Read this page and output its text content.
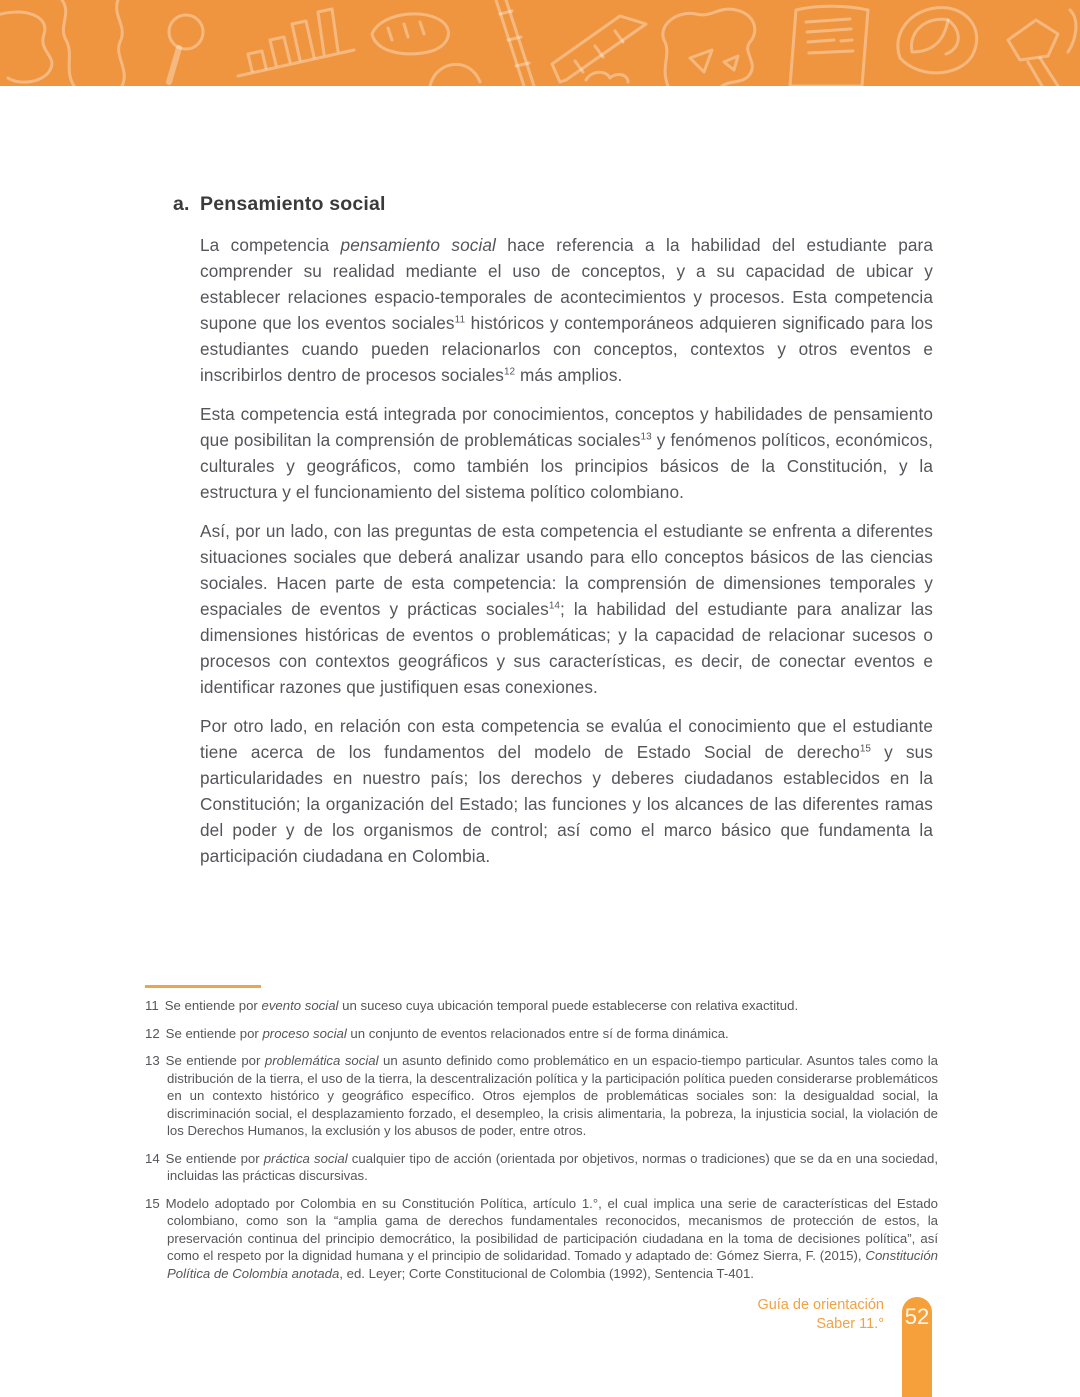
a. Pensamiento social

La competencia pensamiento social hace referencia a la habilidad del estudiante para comprender su realidad mediante el uso de conceptos, y a su capacidad de ubicar y establecer relaciones espacio-temporales de acontecimientos y procesos. Esta competencia supone que los eventos sociales$^{11}$ históricos y contemporáneos adquieren significado para los estudiantes cuando pueden relacionarlos con conceptos, contextos y otros eventos e inscribirlos dentro de procesos sociales$^{12}$ más amplios.

Esta competencia está integrada por conocimientos, conceptos y habilidades de pensamiento que posibilitan la comprensión de problemáticas sociales$^{13}$ y fenómenos políticos, económicos, culturales y geográficos, como también los principios básicos de la Constitución, y la estructura y el funcionamiento del sistema político colombiano.

Así, por un lado, con las preguntas de esta competencia el estudiante se enfrenta a diferentes situaciones sociales que deberá analizar usando para ello conceptos básicos de las ciencias sociales. Hacen parte de esta competencia: la comprensión de dimensiones temporales y espaciales de eventos y prácticas sociales$^{14}$; la habilidad del estudiante para analizar las dimensiones históricas de eventos o problemáticas; y la capacidad de relacionar sucesos o procesos con contextos geográficos y sus características, es decir, de conectar eventos e identificar razones que justifiquen esas conexiones.

Por otro lado, en relación con esta competencia se evalúa el conocimiento que el estudiante tiene acerca de los fundamentos del modelo de Estado Social de derecho$^{15}$ y sus particularidades en nuestro país; los derechos y deberes ciudadanos establecidos en la Constitución; la organización del Estado; las funciones y los alcances de las diferentes ramas del poder y de los organismos de control; así como el marco básico que fundamenta la participación ciudadana en Colombia.

11 Se entiende por evento social un suceso cuya ubicación temporal puede establecerse con relativa exactitud.
12 Se entiende por proceso social un conjunto de eventos relacionados entre sí de forma dinámica.
13 Se entiende por problemática social un asunto definido como problemático en un espacio-tiempo particular. Asuntos tales como la distribución de la tierra, el uso de la tierra, la descentralización política y la participación política pueden considerarse problemáticos en un contexto histórico y geográfico específico. Otros ejemplos de problemáticas sociales son: la desigualdad social, la discriminación social, el desplazamiento forzado, el desempleo, la crisis alimentaria, la pobreza, la injusticia social, la violación de los Derechos Humanos, la exclusión y los abusos de poder, entre otros.
14 Se entiende por práctica social cualquier tipo de acción (orientada por objetivos, normas o tradiciones) que se da en una sociedad, incluidas las prácticas discursivas.
15 Modelo adoptado por Colombia en su Constitución Política, artículo 1.°, el cual implica una serie de características del Estado colombiano, como son la “amplia gama de derechos fundamentales reconocidos, mecanismos de protección de estos, la preservación continua del principio democrático, la posibilidad de participación ciudadana en la toma de decisiones política”, así como el respeto por la dignidad humana y el principio de solidaridad. Tomado y adaptado de: Gómez Sierra, F. (2015), Constitución Política de Colombia anotada, ed. Leyer; Corte Constitucional de Colombia (1992), Sentencia T-401.
Guía de orientación
Saber 11.° 52
